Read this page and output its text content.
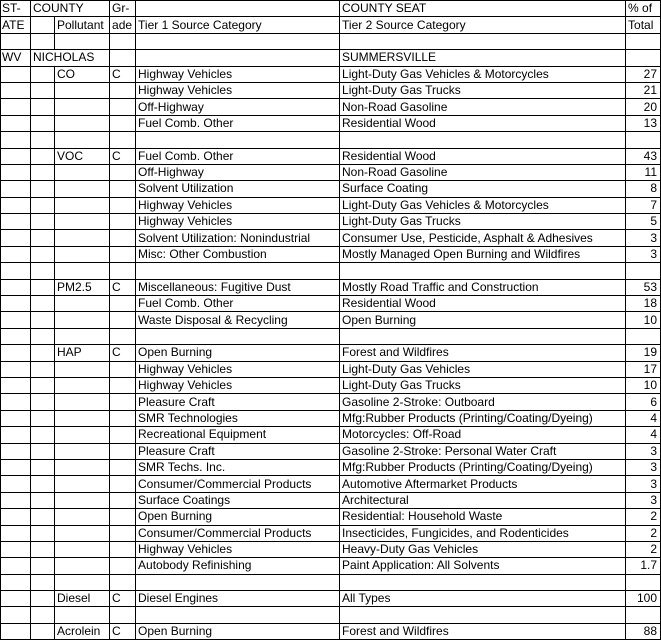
ST-	COUNTY		Gr-		COUNTY SEAT	% of
ATE		Pollutant	ade	Tier 1 Source Category	Tier 2 Source Category	Total

WV	NICHOLAS				SUMMERSVILLE	
		CO	C	Highway Vehicles	Light-Duty Gas Vehicles & Motorcycles	27
				Highway Vehicles	Light-Duty Gas Trucks	21
				Off-Highway	Non-Road Gasoline	20
				Fuel Comb. Other	Residential Wood	13

		VOC	C	Fuel Comb. Other	Residential Wood	43
				Off-Highway	Non-Road Gasoline	11
				Solvent Utilization	Surface Coating	8
				Highway Vehicles	Light-Duty Gas Vehicles & Motorcycles	7
				Highway Vehicles	Light-Duty Gas Trucks	5
				Solvent Utilization: Nonindustrial	Consumer Use, Pesticide, Asphalt & Adhesives	3
				Misc: Other Combustion	Mostly Managed Open Burning and Wildfires	3

		PM2.5	C	Miscellaneous: Fugitive Dust	Mostly Road Traffic and Construction	53
				Fuel Comb. Other	Residential Wood	18
				Waste Disposal & Recycling	Open Burning	10

		HAP	C	Open Burning	Forest and Wildfires	19
				Highway Vehicles	Light-Duty Gas Vehicles	17
				Highway Vehicles	Light-Duty Gas Trucks	10
				Pleasure Craft	Gasoline 2-Stroke: Outboard	6
				SMR Technologies	Mfg:Rubber Products (Printing/Coating/Dyeing)	4
				Recreational Equipment	Motorcycles: Off-Road	4
				Pleasure Craft	Gasoline 2-Stroke: Personal Water Craft	3
				SMR Techs. Inc.	Mfg:Rubber Products (Printing/Coating/Dyeing)	3
				Consumer/Commercial Products	Automotive Aftermarket Products	3
				Surface Coatings	Architectural	3
				Open Burning	Residential: Household Waste	2
				Consumer/Commercial Products	Insecticides, Fungicides, and Rodenticides	2
				Highway Vehicles	Heavy-Duty Gas Vehicles	2
				Autobody Refinishing	Paint Application: All Solvents	1.7

		Diesel	C	Diesel Engines	All Types	100

		Acrolein	C	Open Burning	Forest and Wildfires	88
